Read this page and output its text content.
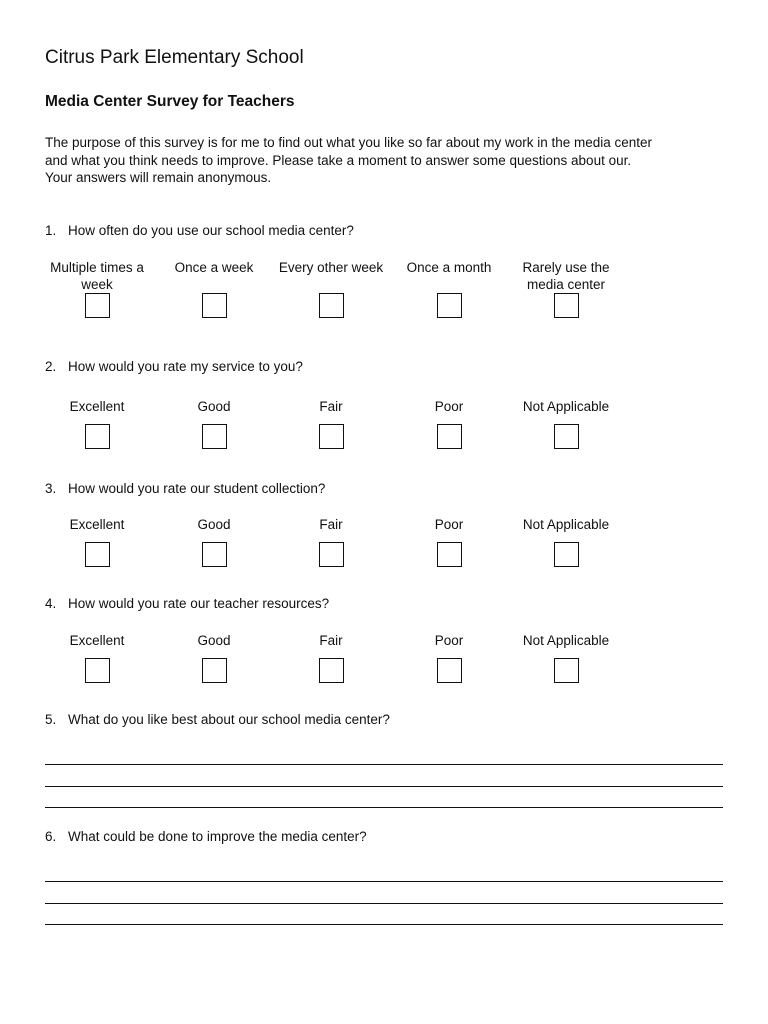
Citrus Park Elementary School
Media Center Survey for Teachers

The purpose of this survey is for me to find out what you like so far about my work in the media center
and what you think needs to improve. Please take a moment to answer some questions about our.
Your answers will remain anonymous.

1. How often do you use our school media center?

Multiple times a week
Once a week	Every other week	Once a month	Rarely use the media center

2. How would you rate my service to you?

Excellent	Good	Fair	Poor	Not Applicable

3. How would you rate our student collection?

Excellent	Good	Fair	Poor	Not Applicable

4. How would you rate our teacher resources?

Excellent	Good	Fair	Poor	Not Applicable

5. What do you like best about our school media center?

6. What could be done to improve the media center?
